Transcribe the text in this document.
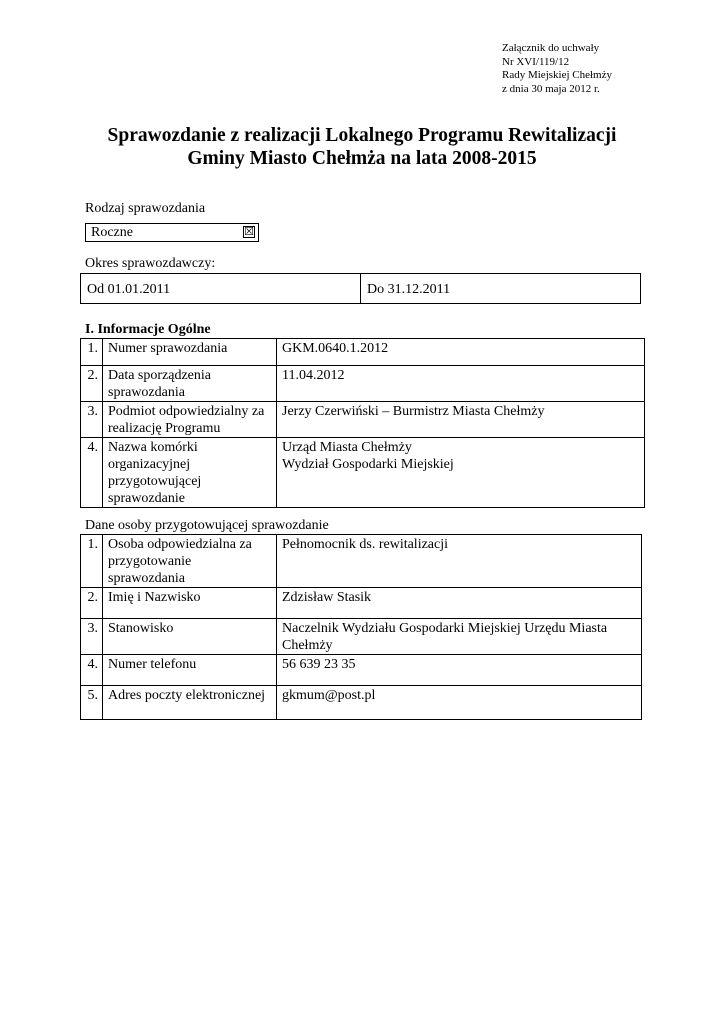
Załącznik do uchwały
Nr XVI/119/12
Rady Miejskiej Chełmży
z dnia 30 maja 2012 r.
Sprawozdanie z realizacji Lokalnego Programu Rewitalizacji
Gminy Miasto Chełmża na lata 2008-2015
Rodzaj sprawozdania
Roczne	☒
Okres sprawozdawczy:
Od 01.01.2011	Do 31.12.2011
I. Informacje Ogólne
1.	Numer sprawozdania	GKM.0640.1.2012
2.	Data sporządzenia sprawozdania	11.04.2012
3.	Podmiot odpowiedzialny za realizację Programu	Jerzy Czerwiński – Burmistrz Miasta Chełmży
4.	Nazwa komórki organizacyjnej przygotowującej sprawozdanie	Urząd Miasta Chełmży
Wydział Gospodarki Miejskiej
Dane osoby przygotowującej sprawozdanie
1.	Osoba odpowiedzialna za przygotowanie sprawozdania	Pełnomocnik ds. rewitalizacji
2.	Imię i Nazwisko	Zdzisław Stasik
3.	Stanowisko	Naczelnik Wydziału Gospodarki Miejskiej Urzędu Miasta Chełmży
4.	Numer telefonu	56 639 23 35
5.	Adres poczty elektronicznej	gkmum@post.pl
